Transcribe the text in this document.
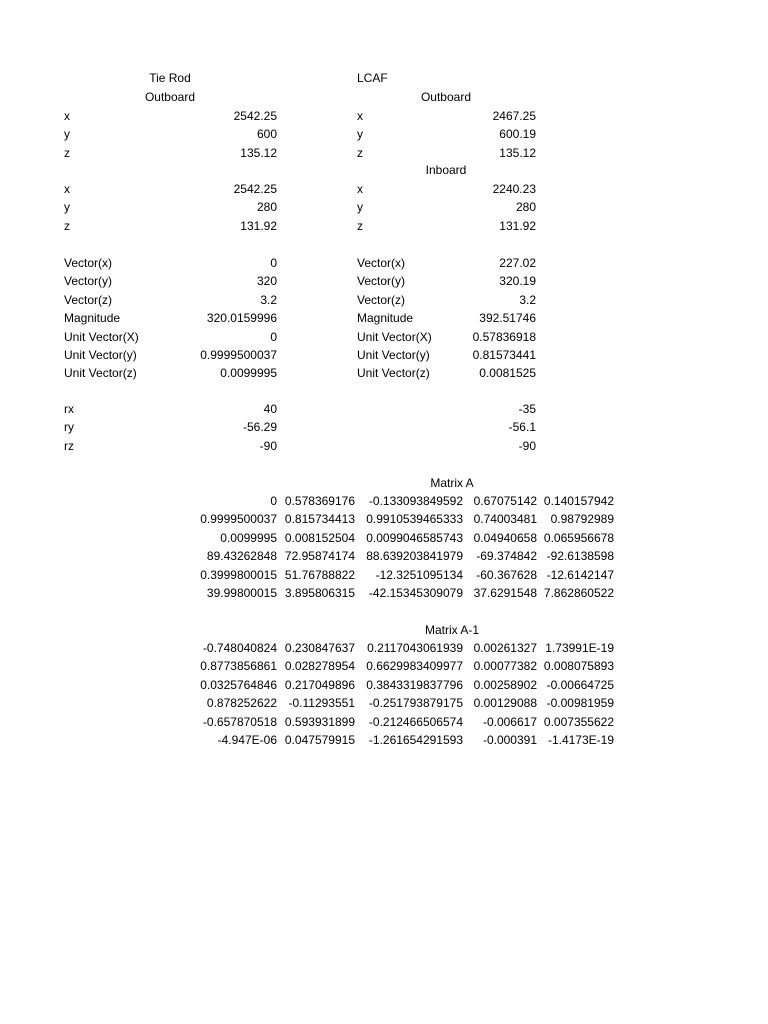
Tie Rod	LCAF
Outboard	Outboard
Inboard
Matrix A
Matrix A-1
x	2542.25	x	2467.25
y	600	y	600.19
z	135.12	z	135.12
x	2542.25	x	2240.23
y	280	y	280
z	131.92	z	131.92
Vector(x)	0	Vector(x)	227.02
Vector(y)	320	Vector(y)	320.19
Vector(z)	3.2	Vector(z)	3.2
Magnitude	320.0159996	Magnitude	392.51746
Unit Vector(X)	0	Unit Vector(X)	0.57836918
Unit Vector(y)	0.9999500037	Unit Vector(y)	0.81573441
Unit Vector(z)	0.0099995	Unit Vector(z)	0.0081525
rx	40	-35
ry	-56.29	-56.1
rz	-90	-90
0 0.578369176	-0.133093849592 0.67075142 0.140157942
0.9999500037 0.815734413 0.9910539465333 0.74003481	0.98792989
0.0099995 0.008152504 0.0099046585743 0.04940658 0.065956678
89.43262848 72.95874174 88.639203841979	-69.374842 -92.6138598
0.3999800015 51.76788822	-12.3251095134	-60.367628 -12.6142147
39.99800015 3.895806315	-42.15345309079 37.6291548 7.862860522
-0.748040824 0.230847637	0.2117043061939 0.00261327 1.73991E-19
0.8773856861 0.028278954 0.6629983409977 0.00077382 0.008075893
0.0325764846 0.217049896 0.3843319837796 0.00258902 -0.00664725
0.878252622 -0.11293551	-0.251793879175 0.00129088 -0.00981959
-0.657870518 0.593931899	-0.212466506574	-0.006617 0.007355622
-4.947E-06 0.047579915	-1.261654291593	-0.000391 -1.4173E-19
